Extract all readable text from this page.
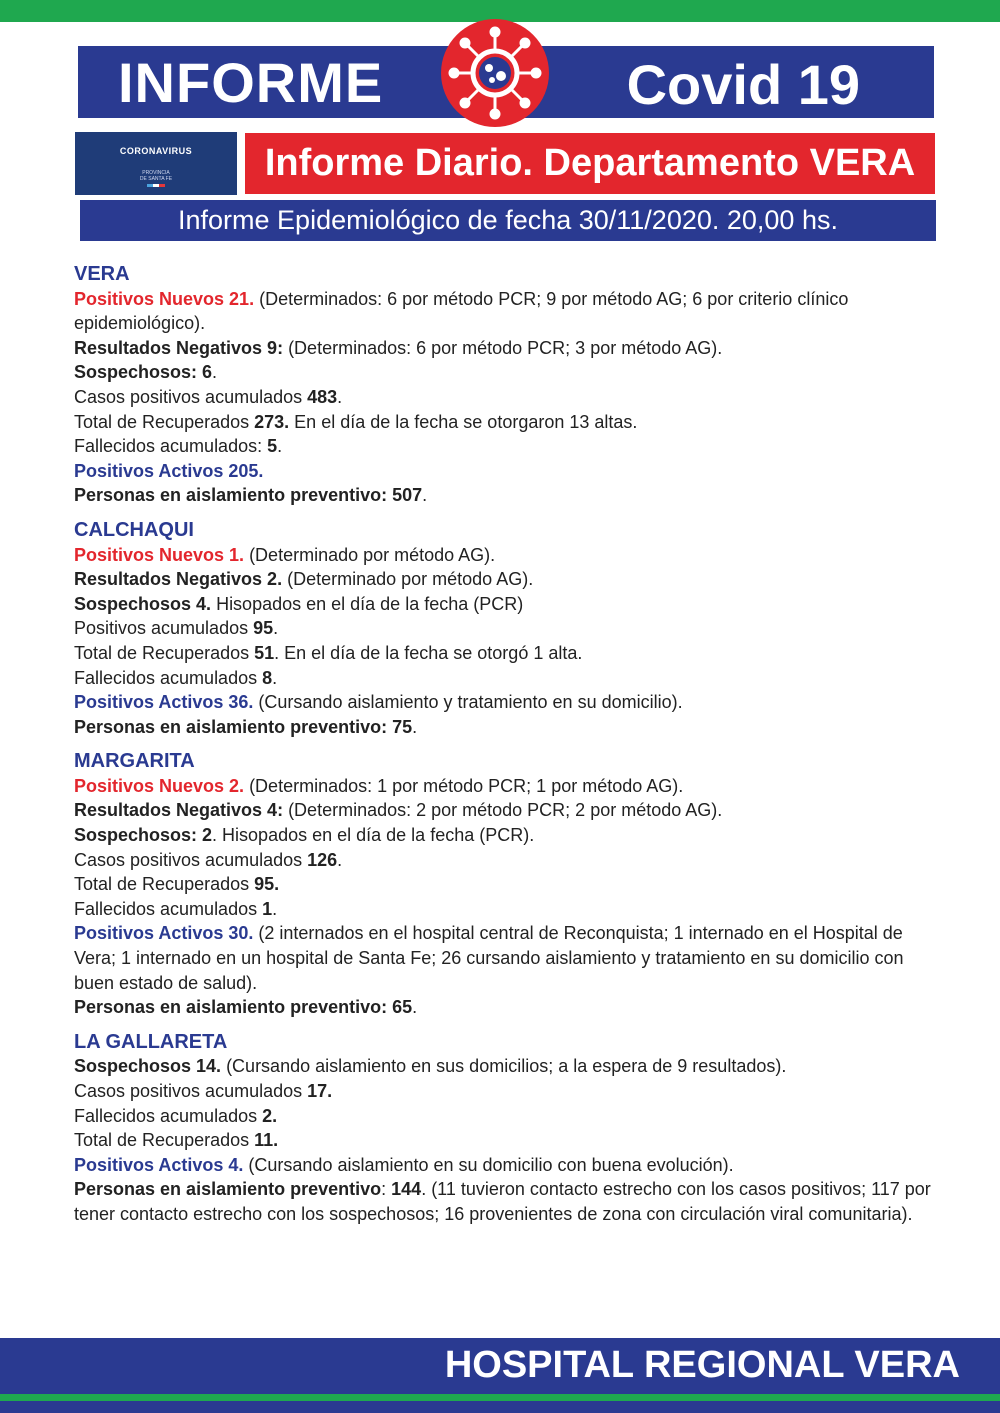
INFORME	Covid 19
CORONAVIRUS
PROVINCIA
DE SANTA FE	Informe Diario. Departamento VERA
Informe Epidemiológico de fecha 30/11/2020. 20,00 hs.
VERA

Positivos Nuevos 21. (Determinados: 6 por método PCR; 9 por método AG; 6 por criterio clínico epidemiológico).

Resultados Negativos 9: (Determinados: 6 por método PCR; 3 por método AG).

Sospechosos: 6.

Casos positivos acumulados 483.

Total de Recuperados 273. En el día de la fecha se otorgaron 13 altas.

Fallecidos acumulados: 5.

Positivos Activos 205.

Personas en aislamiento preventivo: 507.

CALCHAQUI

Positivos Nuevos 1. (Determinado por método AG).

Resultados Negativos 2. (Determinado por método AG).

Sospechosos 4. Hisopados en el día de la fecha (PCR)

Positivos acumulados 95.

Total de Recuperados 51. En el día de la fecha se otorgó 1 alta.

Fallecidos acumulados 8.

Positivos Activos 36. (Cursando aislamiento y tratamiento en su domicilio).

Personas en aislamiento preventivo: 75.

MARGARITA

Positivos Nuevos 2. (Determinados: 1 por método PCR; 1 por método AG).

Resultados Negativos 4: (Determinados: 2 por método PCR; 2 por método AG).

Sospechosos: 2. Hisopados en el día de la fecha (PCR).

Casos positivos acumulados 126.

Total de Recuperados 95.

Fallecidos acumulados 1.

Positivos Activos 30. (2 internados en el hospital central de Reconquista; 1 internado en el Hospital de Vera; 1 internado en un hospital de Santa Fe; 26 cursando aislamiento y tratamiento en su domicilio con buen estado de salud).

Personas en aislamiento preventivo: 65.

LA GALLARETA

Sospechosos 14. (Cursando aislamiento en sus domicilios; a la espera de 9 resultados).

Casos positivos acumulados 17.

Fallecidos acumulados 2.

Total de Recuperados 11.

Positivos Activos 4. (Cursando aislamiento en su domicilio con buena evolución).

Personas en aislamiento preventivo: 144. (11 tuvieron contacto estrecho con los casos positivos; 117 por tener contacto estrecho con los sospechosos; 16 provenientes de zona con circulación viral comunitaria).

HOSPITAL REGIONAL VERA
